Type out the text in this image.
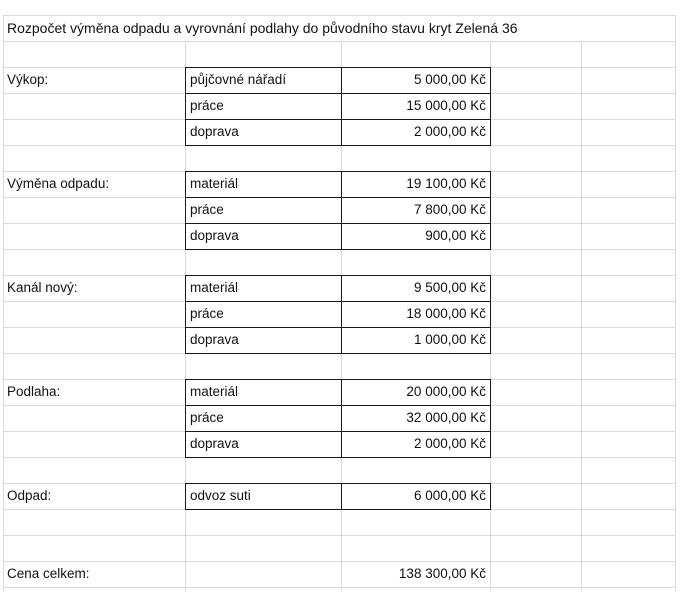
Rozpočet výměna odpadu a vyrovnání podlahy do původního stavu kryt Zelená 36
Výkop:	půjčovné nářadí	5 000,00 Kč
práce	15 000,00 Kč
doprava	2 000,00 Kč
Výměna odpadu:	materiál	19 100,00 Kč
práce	7 800,00 Kč
doprava	900,00 Kč
Kanál nový:	materiál	9 500,00 Kč
práce	18 000,00 Kč
doprava	1 000,00 Kč
Podlaha:	materiál	20 000,00 Kč
práce	32 000,00 Kč
doprava	2 000,00 Kč
Odpad:	odvoz suti	6 000,00 Kč
Cena celkem:	138 300,00 Kč
